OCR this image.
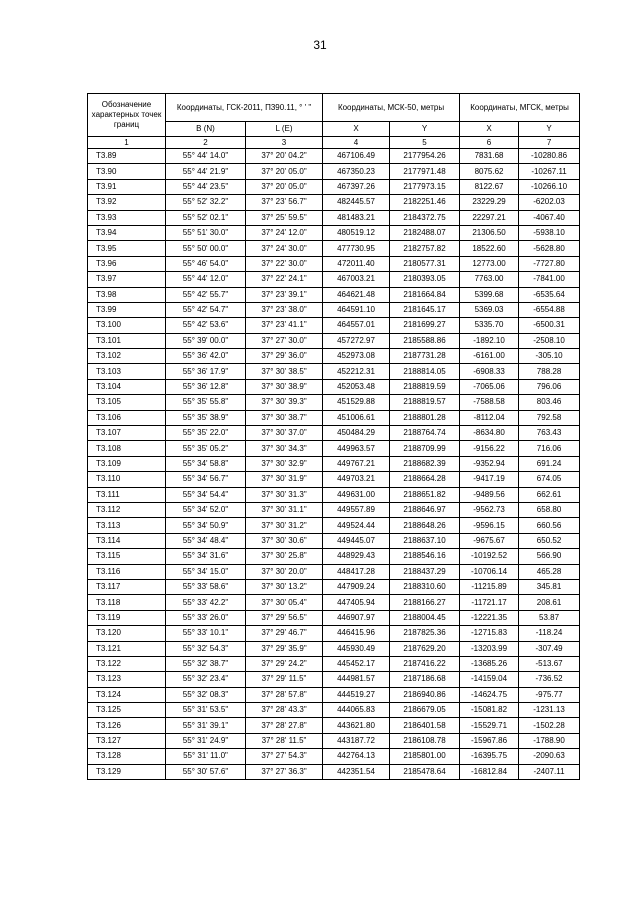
31
Обозначение характерных точек границ	Координаты, ГСК-2011, П390.11, ° ' "		Координаты, МСК-50, метры		Координаты, МГСК, метры	
	B (N)	L (E)	X	Y	X	Y
1	2	3	4	5	6	7
Т3.89	55° 44' 14.0"	37° 20' 04.2"	467106.49	2177954.26	7831.68	-10280.86
Т3.90	55° 44' 21.9"	37° 20' 05.0"	467350.23	2177971.48	8075.62	-10267.11
Т3.91	55° 44' 23.5"	37° 20' 05.0"	467397.26	2177973.15	8122.67	-10266.10
Т3.92	55° 52' 32.2"	37° 23' 56.7"	482445.57	2182251.46	23229.29	-6202.03
Т3.93	55° 52' 02.1"	37° 25' 59.5"	481483.21	2184372.75	22297.21	-4067.40
Т3.94	55° 51' 30.0"	37° 24' 12.0"	480519.12	2182488.07	21306.50	-5938.10
Т3.95	55° 50' 00.0"	37° 24' 30.0"	477730.95	2182757.82	18522.60	-5628.80
Т3.96	55° 46' 54.0"	37° 22' 30.0"	472011.40	2180577.31	12773.00	-7727.80
Т3.97	55° 44' 12.0"	37° 22' 24.1"	467003.21	2180393.05	7763.00	-7841.00
Т3.98	55° 42' 55.7"	37° 23' 39.1"	464621.48	2181664.84	5399.68	-6535.64
Т3.99	55° 42' 54.7"	37° 23' 38.0"	464591.10	2181645.17	5369.03	-6554.88
Т3.100	55° 42' 53.6"	37° 23' 41.1"	464557.01	2181699.27	5335.70	-6500.31
Т3.101	55° 39' 00.0"	37° 27' 30.0"	457272.97	2185588.86	-1892.10	-2508.10
Т3.102	55° 36' 42.0"	37° 29' 36.0"	452973.08	2187731.28	-6161.00	-305.10
Т3.103	55° 36' 17.9"	37° 30' 38.5"	452212.31	2188814.05	-6908.33	788.28
Т3.104	55° 36' 12.8"	37° 30' 38.9"	452053.48	2188819.59	-7065.06	796.06
Т3.105	55° 35' 55.8"	37° 30' 39.3"	451529.88	2188819.57	-7588.58	803.46
Т3.106	55° 35' 38.9"	37° 30' 38.7"	451006.61	2188801.28	-8112.04	792.58
Т3.107	55° 35' 22.0"	37° 30' 37.0"	450484.29	2188764.74	-8634.80	763.43
Т3.108	55° 35' 05.2"	37° 30' 34.3"	449963.57	2188709.99	-9156.22	716.06
Т3.109	55° 34' 58.8"	37° 30' 32.9"	449767.21	2188682.39	-9352.94	691.24
Т3.110	55° 34' 56.7"	37° 30' 31.9"	449703.21	2188664.28	-9417.19	674.05
Т3.111	55° 34' 54.4"	37° 30' 31.3"	449631.00	2188651.82	-9489.56	662.61
Т3.112	55° 34' 52.0"	37° 30' 31.1"	449557.89	2188646.97	-9562.73	658.80
Т3.113	55° 34' 50.9"	37° 30' 31.2"	449524.44	2188648.26	-9596.15	660.56
Т3.114	55° 34' 48.4"	37° 30' 30.6"	449445.07	2188637.10	-9675.67	650.52
Т3.115	55° 34' 31.6"	37° 30' 25.8"	448929.43	2188546.16	-10192.52	566.90
Т3.116	55° 34' 15.0"	37° 30' 20.0"	448417.28	2188437.29	-10706.14	465.28
Т3.117	55° 33' 58.6"	37° 30' 13.2"	447909.24	2188310.60	-11215.89	345.81
Т3.118	55° 33' 42.2"	37° 30' 05.4"	447405.94	2188166.27	-11721.17	208.61
Т3.119	55° 33' 26.0"	37° 29' 56.5"	446907.97	2188004.45	-12221.35	53.87
Т3.120	55° 33' 10.1"	37° 29' 46.7"	446415.96	2187825.36	-12715.83	-118.24
Т3.121	55° 32' 54.3"	37° 29' 35.9"	445930.49	2187629.20	-13203.99	-307.49
Т3.122	55° 32' 38.7"	37° 29' 24.2"	445452.17	2187416.22	-13685.26	-513.67
Т3.123	55° 32' 23.4"	37° 29' 11.5"	444981.57	2187186.68	-14159.04	-736.52
Т3.124	55° 32' 08.3"	37° 28' 57.8"	444519.27	2186940.86	-14624.75	-975.77
Т3.125	55° 31' 53.5"	37° 28' 43.3"	444065.83	2186679.05	-15081.82	-1231.13
Т3.126	55° 31' 39.1"	37° 28' 27.8"	443621.80	2186401.58	-15529.71	-1502.28
Т3.127	55° 31' 24.9"	37° 28' 11.5"	443187.72	2186108.78	-15967.86	-1788.90
Т3.128	55° 31' 11.0"	37° 27' 54.3"	442764.13	2185801.00	-16395.75	-2090.63
Т3.129	55° 30' 57.6"	37° 27' 36.3"	442351.54	2185478.64	-16812.84	-2407.11
